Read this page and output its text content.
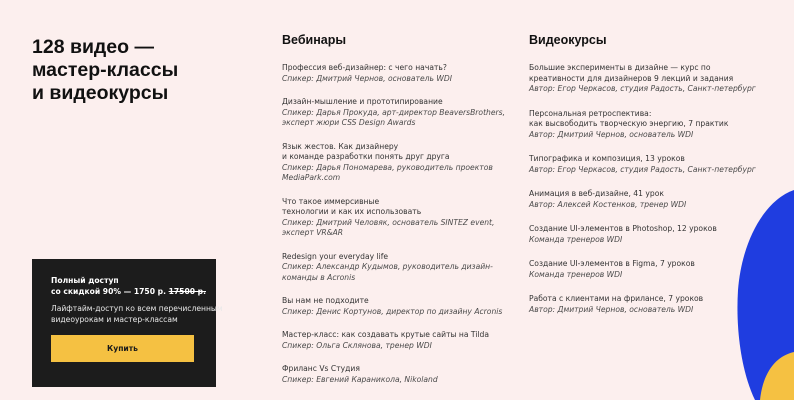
128 видео —
мастер-классы
и видеокурсы
Вебинары
Профессия веб-дизайнер: с чего начать?
Спикер: Дмитрий Чернов, основатель WDI
Дизайн-мышление и прототипирование
Спикер: Дарья Прокуда, арт-директор BeaversBrothers,
эксперт жюри CSS Design Awards
Язык жестов. Как дизайнеру
и команде разработки понять друг друга
Спикер: Дарья Пономарева, руководитель проектов
MediaPark.com
Что такое иммерсивные
технологии и как их использовать
Спикер: Дмитрий Человяк, основатель SINTEZ event,
эксперт VR&AR
Redesign your everyday life
Спикер: Александр Кудымов, руководитель дизайн-
команды в Acronis
Вы нам не подходите
Спикер: Денис Кортунов, директор по дизайну Acronis
Мастер-класс: как создавать крутые сайты на Tilda
Спикер: Ольга Склянова, тренер WDI
Фриланс Vs Студия
Спикер: Евгений Караникола, Nikoland
Видеокурсы
Большие эксперименты в дизайне — курс по
креативности для дизайнеров 9 лекций и задания
Автор: Егор Черкасов, студия Радость, Санкт-петербург
Персональная ретроспектива:
как высвободить творческую энергию, 7 практик
Автор: Дмитрий Чернов, основатель WDI
Типографика и композиция, 13 уроков
Автор: Егор Черкасов, студия Радость, Санкт-петербург
Анимация в веб-дизайне, 41 урок
Автор: Алексей Костенков, тренер WDI
Создание UI-элементов в Photoshop, 12 уроков
Команда тренеров WDI
Создание UI-элементов в Figma, 7 уроков
Команда тренеров WDI
Работа с клиентами на фрилансе, 7 уроков
Автор: Дмитрий Чернов, основатель WDI
Полный доступ
со скидкой 90% — 1750 р. 17500 р.
Лайфтайм-доступ ко всем перечисленным
видеоурокам и мастер-классам
Купить
